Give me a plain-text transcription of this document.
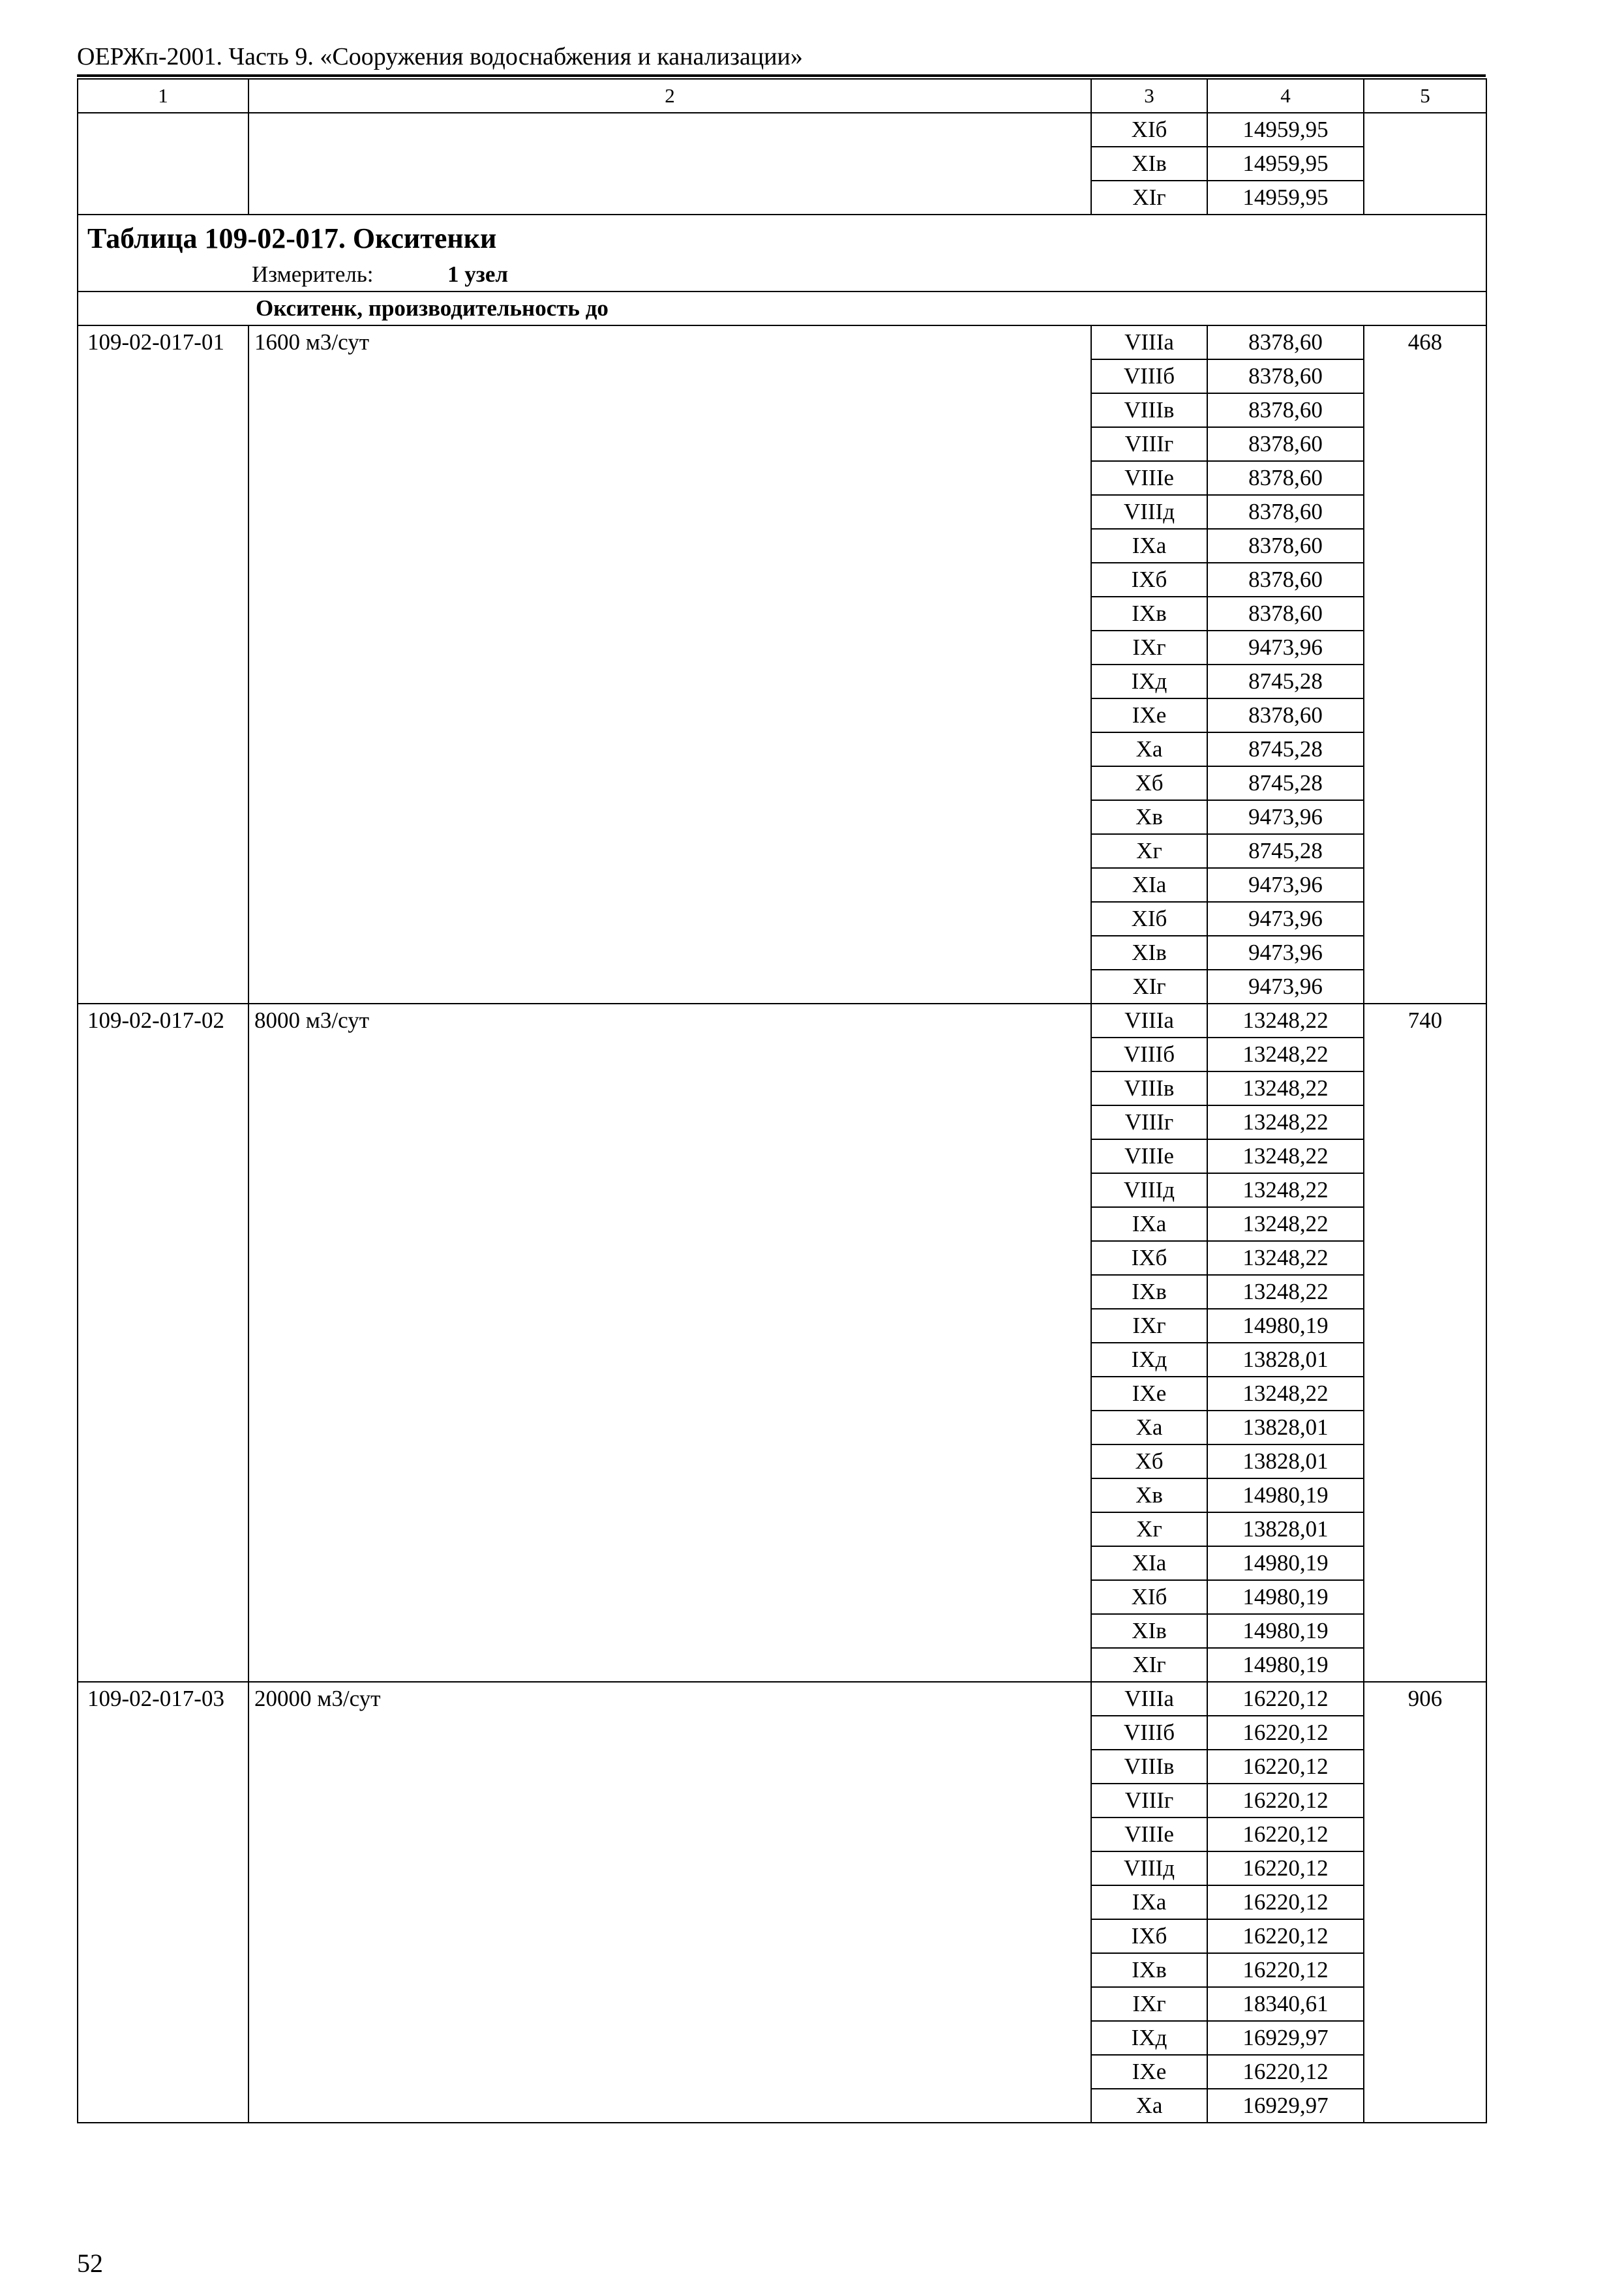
ОЕРЖп-2001. Часть 9. «Сооружения водоснабжения и канализации»
1	2	3	4	5
		XIб	14959,95	
		XIв	14959,95	
		XIг	14959,95	

Таблица 109-02-017. Окситенки
Измеритель: 1 узел				

Окситенк, производительность до				
109-02-017-01	1600 м3/сут	VIIIа	8378,60	468
		VIIIб	8378,60	
		VIIIв	8378,60	
		VIIIг	8378,60	
		VIIIе	8378,60	
		VIIIд	8378,60	
		IXа	8378,60	
		IXб	8378,60	
		IXв	8378,60	
		IXг	9473,96	
		IXд	8745,28	
		IXе	8378,60	
		Xа	8745,28	
		Xб	8745,28	
		Xв	9473,96	
		Xг	8745,28	
		XIа	9473,96	
		XIб	9473,96	
		XIв	9473,96	
		XIг	9473,96	
109-02-017-02	8000 м3/сут	VIIIа	13248,22	740
		VIIIб	13248,22	
		VIIIв	13248,22	
		VIIIг	13248,22	
		VIIIе	13248,22	
		VIIIд	13248,22	
		IXа	13248,22	
		IXб	13248,22	
		IXв	13248,22	
		IXг	14980,19	
		IXд	13828,01	
		IXе	13248,22	
		Xа	13828,01	
		Xб	13828,01	
		Xв	14980,19	
		Xг	13828,01	
		XIа	14980,19	
		XIб	14980,19	
		XIв	14980,19	
		XIг	14980,19	
109-02-017-03	20000 м3/сут	VIIIа	16220,12	906
		VIIIб	16220,12	
		VIIIв	16220,12	
		VIIIг	16220,12	
		VIIIе	16220,12	
		VIIIд	16220,12	
		IXа	16220,12	
		IXб	16220,12	
		IXв	16220,12	
		IXг	18340,61	
		IXд	16929,97	
		IXе	16220,12	
		Xа	16929,97	
52
